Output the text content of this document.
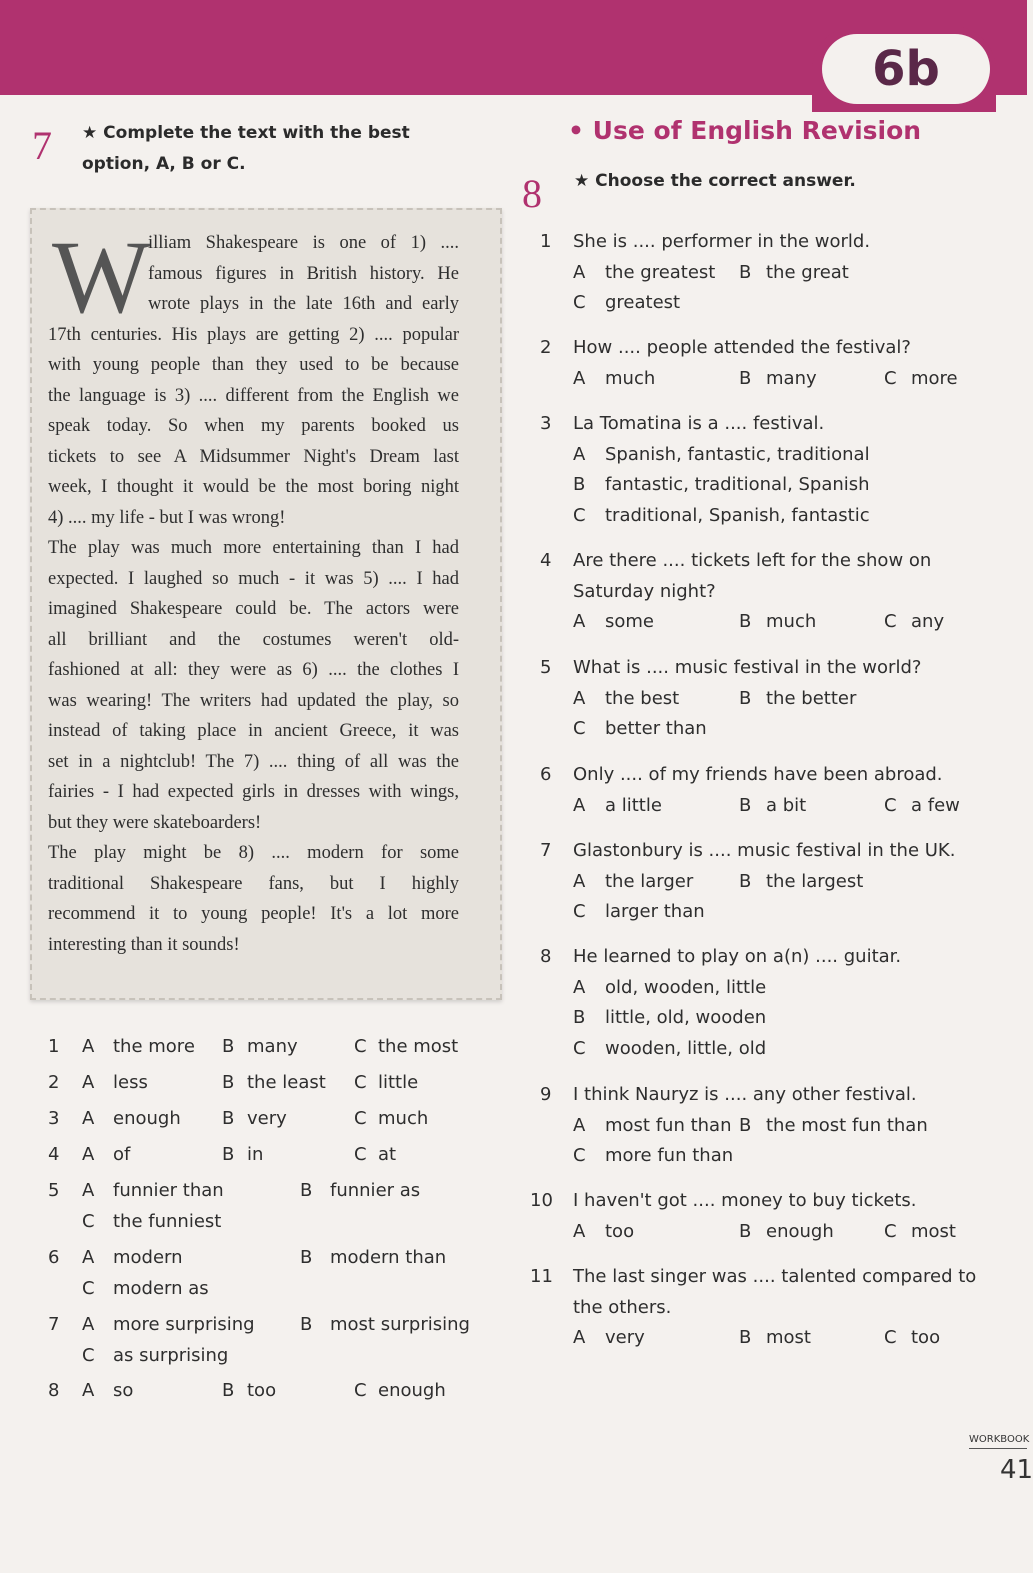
6b
7 ★ Complete the text with the best
option, A, B or C.
W
illiam Shakespeare is one of 1) ....
famous figures in British history. He
wrote plays in the late 16th and early
17th centuries. His plays are getting 2) .... popular
with young people than they used to be because
the language is 3) .... different from the English we
speak today. So when my parents booked us
tickets to see A Midsummer Night's Dream last
week, I thought it would be the most boring night
4) .... my life - but I was wrong!
The play was much more entertaining than I had
expected. I laughed so much - it was 5) .... I had
imagined Shakespeare could be. The actors were
all brilliant and the costumes weren't old-
fashioned at all: they were as 6) .... the clothes I
was wearing! The writers had updated the play, so
instead of taking place in ancient Greece, it was
set in a nightclub! The 7) .... thing of all was the
fairies - I had expected girls in dresses with wings,
but they were skateboarders!
The play might be 8) .... modern for some
traditional Shakespeare fans, but I highly
recommend it to young people! It's a lot more
interesting than it sounds!
1 A the more B many	C the most
2 A less	B the least C little
3 A enough B very	C much
4 A of	B in	C at
5 A funnier than	B funnier as
C the funniest
6 A modern	B modern than
C modern as
7 A more surprising	B most surprising
C as surprising
8 A so	B too	C enough
• Use of English Revision
8 ★ Choose the correct answer.
1 She is .... performer in the world.
A the greatest B the great
C greatest
2 How .... people attended the festival?
A much	B many	C more
3 La Tomatina is a .... festival.
A Spanish, fantastic, traditional
B fantastic, traditional, Spanish
C traditional, Spanish, fantastic
4 Are there .... tickets left for the show on
Saturday night?
A some	B much	C any
5 What is .... music festival in the world?
A the best	B the better
C better than
6 Only .... of my friends have been abroad.
A a little	B a bit	C a few
7 Glastonbury is .... music festival in the UK.
A the larger	B the largest
C larger than
8 He learned to play on a(n) .... guitar.
A old, wooden, little
B little, old, wooden
C wooden, little, old
9 I think Nauryz is .... any other festival.
A most fun than B the most fun than
C more fun than
10 I haven't got .... money to buy tickets.
A too	B enough	C most
11 The last singer was .... talented compared to
the others.
A very	B most	C too
WORKBOOK
41
